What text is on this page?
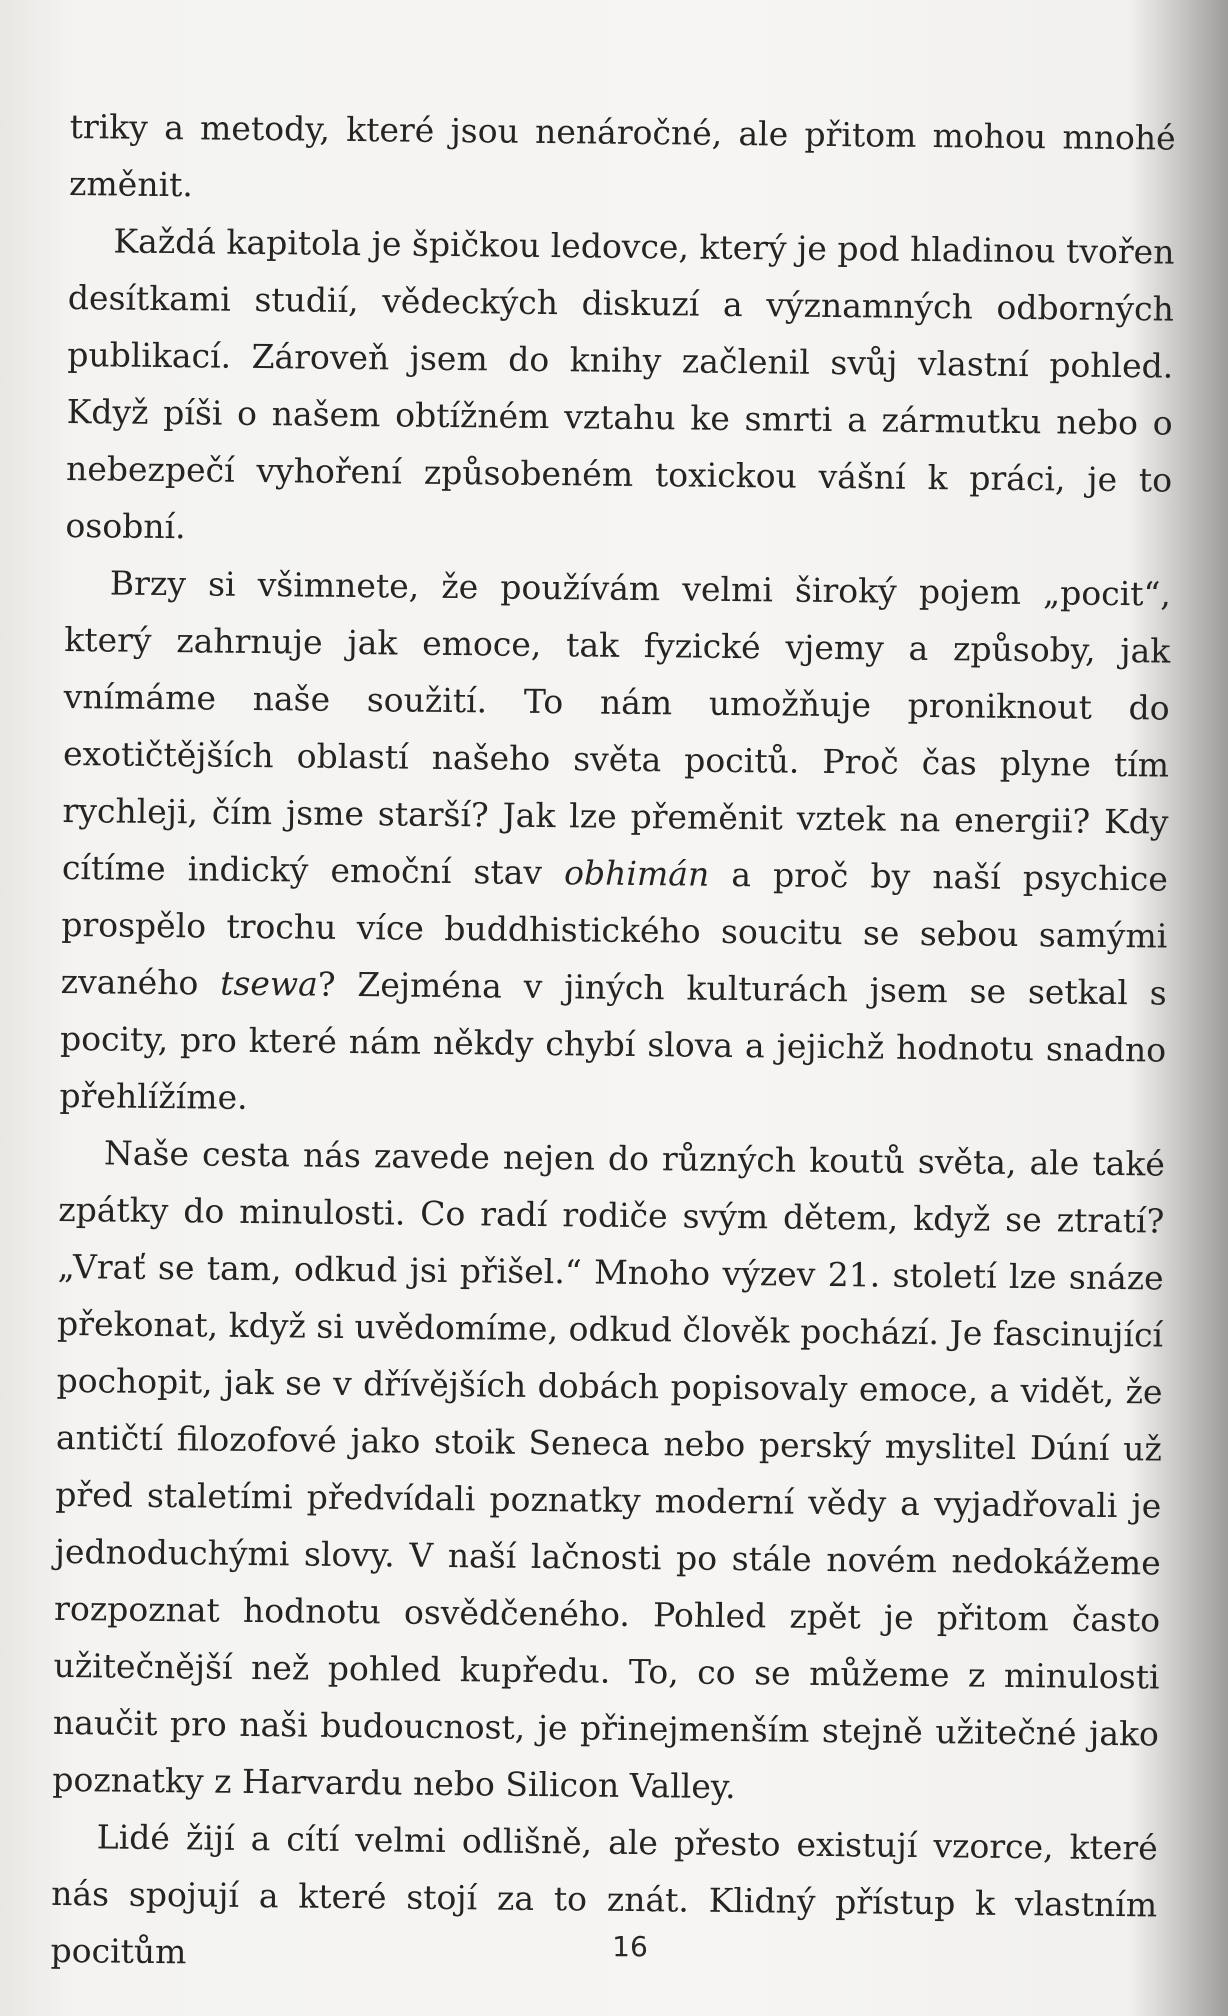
triky a metody, které jsou nenáročné, ale přitom mohou mnohé změnit.

Každá kapitola je špičkou ledovce, který je pod hladinou tvořen desítkami studií, vědeckých diskuzí a významných odborných publikací. Zároveň jsem do knihy začlenil svůj vlastní pohled. Když píši o našem obtížném vztahu ke smrti a zármutku nebo o nebezpečí vyhoření způsobeném toxickou vášní k práci, je to osobní.

Brzy si všimnete, že používám velmi široký pojem „pocit“, který zahrnuje jak emoce, tak fyzické vjemy a způsoby, jak vnímáme naše soužití. To nám umožňuje proniknout do exotičtějších oblastí našeho světa pocitů. Proč čas plyne tím rychleji, čím jsme starší? Jak lze přeměnit vztek na energii? Kdy cítíme indický emoční stav obhimán a proč by naší psychice prospělo trochu více buddhistického soucitu se sebou samými zvaného tsewa? Zejména v jiných kulturách jsem se setkal s pocity, pro které nám někdy chybí slova a jejichž hodnotu snadno přehlížíme.

Naše cesta nás zavede nejen do různých koutů světa, ale také zpátky do minulosti. Co radí rodiče svým dětem, když se ztratí? „Vrať se tam, odkud jsi přišel.“ Mnoho výzev 21. století lze snáze překonat, když si uvědomíme, odkud člověk pochází. Je fascinující pochopit, jak se v dřívějších dobách popisovaly emoce, a vidět, že antičtí filozofové jako stoik Seneca nebo perský myslitel Dúní už před staletími předvídali poznatky moderní vědy a vyjadřovali je jednoduchými slovy. V naší lačnosti po stále novém nedokážeme rozpoznat hodnotu osvědčeného. Pohled zpět je přitom často užitečnější než pohled kupředu. To, co se můžeme z minulosti naučit pro naši budoucnost, je přinejmenším stejně užitečné jako poznatky z Harvardu nebo Silicon Valley.

Lidé žijí a cítí velmi odlišně, ale přesto existují vzorce, které nás spojují a které stojí za to znát. Klidný přístup k vlastním pocitům	16
